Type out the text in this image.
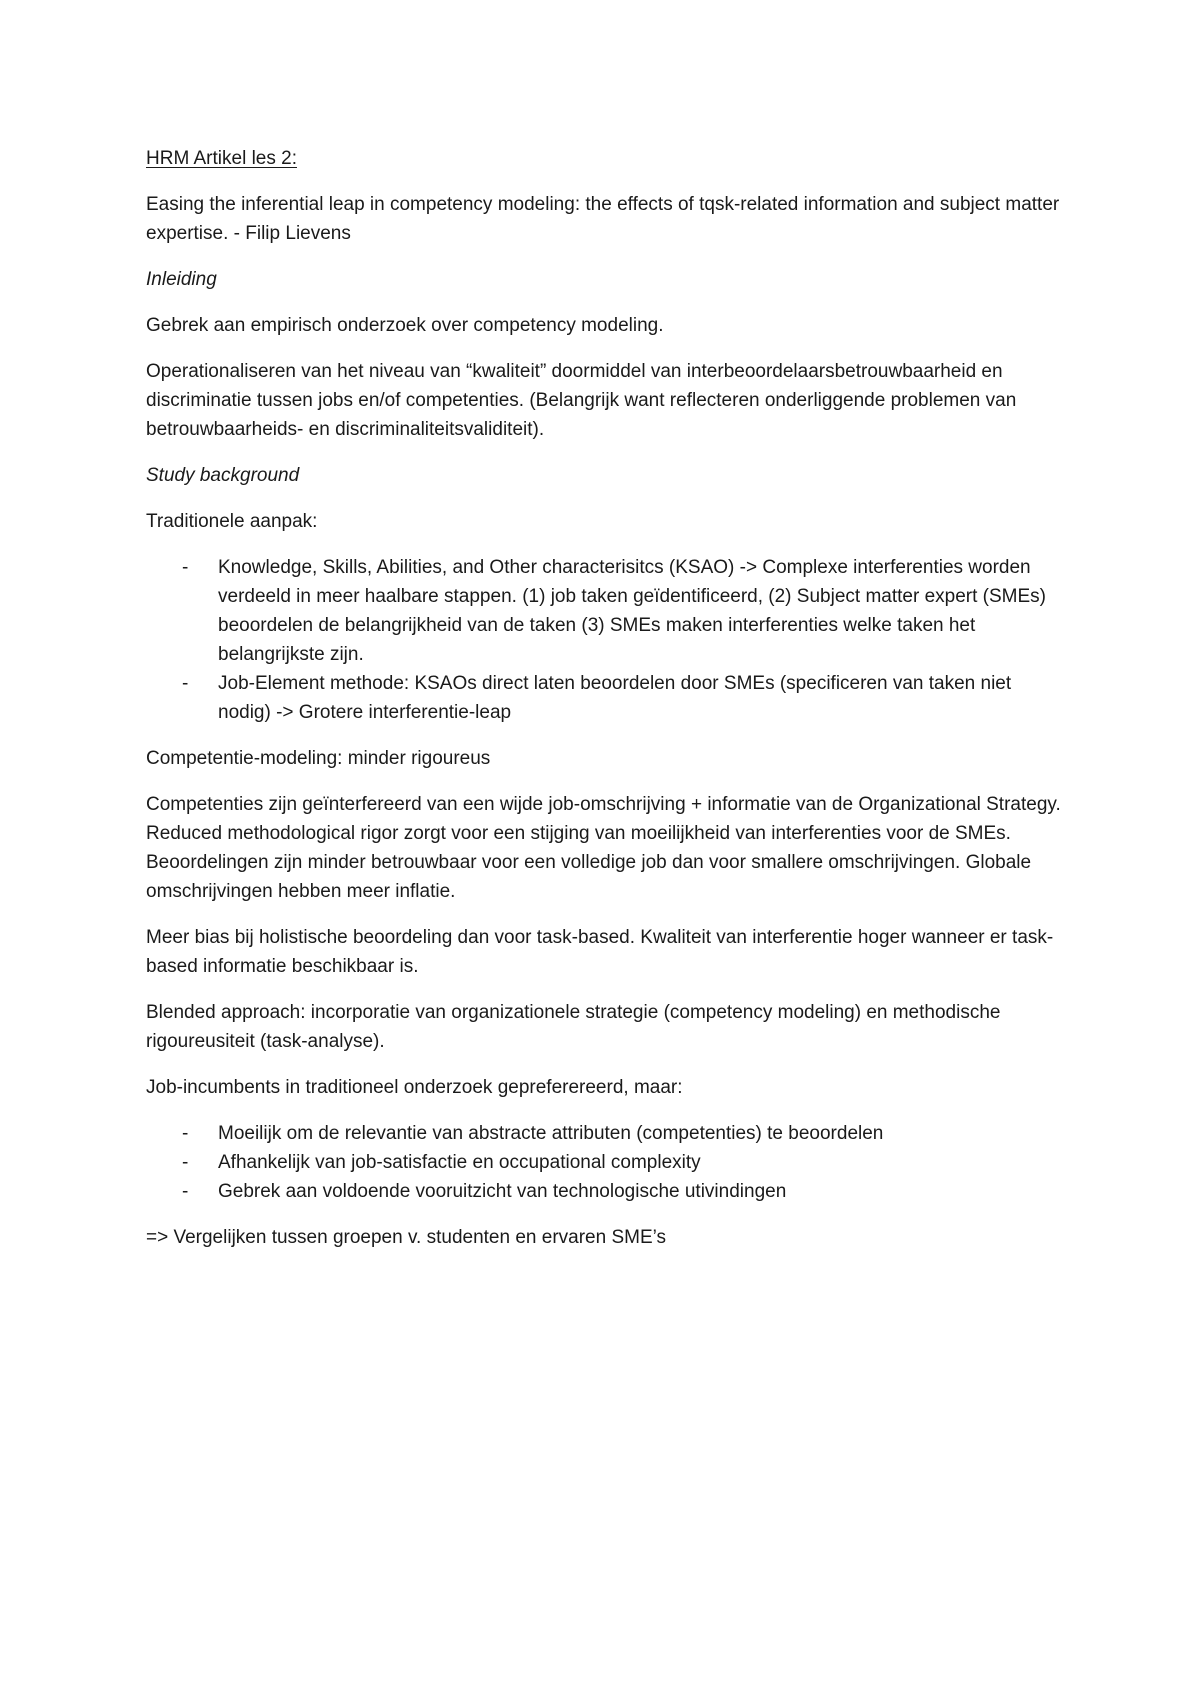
HRM Artikel les 2:

Easing the inferential leap in competency modeling: the effects of tqsk-related information and subject matter expertise. - Filip Lievens

Inleiding

Gebrek aan empirisch onderzoek over competency modeling.

Operationaliseren van het niveau van “kwaliteit” doormiddel van interbeoordelaarsbetrouwbaarheid en discriminatie tussen jobs en/of competenties. (Belangrijk want reflecteren onderliggende problemen van betrouwbaarheids- en discriminaliteitsvaliditeit).

Study background

Traditionele aanpak:

- Knowledge, Skills, Abilities, and Other characterisitcs (KSAO) -> Complexe interferenties worden verdeeld in meer haalbare stappen. (1) job taken geïdentificeerd, (2) Subject matter expert (SMEs) beoordelen de belangrijkheid van de taken (3) SMEs maken interferenties welke taken het belangrijkste zijn.
- Job-Element methode: KSAOs direct laten beoordelen door SMEs (specificeren van taken niet nodig) -> Grotere interferentie-leap

Competentie-modeling: minder rigoureus

Competenties zijn geïnterfereerd van een wijde job-omschrijving + informatie van de Organizational Strategy. Reduced methodological rigor zorgt voor een stijging van moeilijkheid van interferenties voor de SMEs. Beoordelingen zijn minder betrouwbaar voor een volledige job dan voor smallere omschrijvingen. Globale omschrijvingen hebben meer inflatie.

Meer bias bij holistische beoordeling dan voor task-based. Kwaliteit van interferentie hoger wanneer er task-based informatie beschikbaar is.

Blended approach: incorporatie van organizationele strategie (competency modeling) en methodische rigoureusiteit (task-analyse).

Job-incumbents in traditioneel onderzoek gepreferereerd, maar:

- Moeilijk om de relevantie van abstracte attributen (competenties) te beoordelen
- Afhankelijk van job-satisfactie en occupational complexity
- Gebrek aan voldoende vooruitzicht van technologische utivindingen

=> Vergelijken tussen groepen v. studenten en ervaren SME’s
